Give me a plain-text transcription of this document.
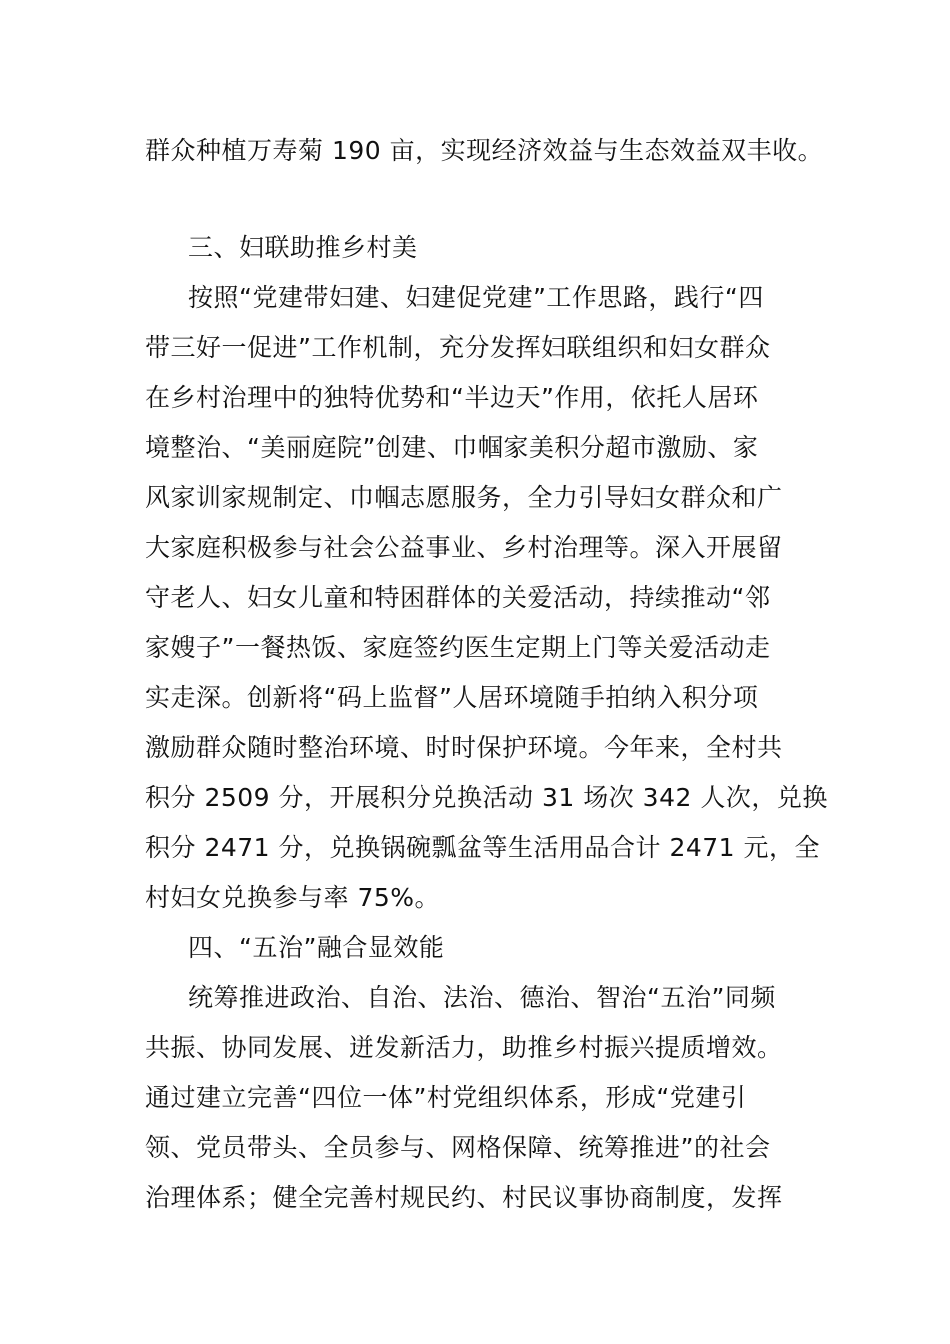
群众种植万寿菊 190 亩，实现经济效益与生态效益双丰收。
三、妇联助推乡村美
按照“党建带妇建、妇建促党建”工作思路，践行“四
带三好一促进”工作机制，充分发挥妇联组织和妇女群众
在乡村治理中的独特优势和“半边天”作用，依托人居环
境整治、“美丽庭院”创建、巾帼家美积分超市激励、家
风家训家规制定、巾帼志愿服务，全力引导妇女群众和广
大家庭积极参与社会公益事业、乡村治理等。深入开展留
守老人、妇女儿童和特困群体的关爱活动，持续推动“邻
家嫂子”一餐热饭、家庭签约医生定期上门等关爱活动走
实走深。创新将“码上监督”人居环境随手拍纳入积分项
激励群众随时整治环境、时时保护环境。今年来，全村共
积分 2509 分，开展积分兑换活动 31 场次 342 人次，兑换
积分 2471 分，兑换锅碗瓢盆等生活用品合计 2471 元，全
村妇女兑换参与率 75%。
四、“五治”融合显效能
统筹推进政治、自治、法治、德治、智治“五治”同频
共振、协同发展、迸发新活力，助推乡村振兴提质增效。
通过建立完善“四位一体”村党组织体系，形成“党建引
领、党员带头、全员参与、网格保障、统筹推进”的社会
治理体系；健全完善村规民约、村民议事协商制度，发挥
